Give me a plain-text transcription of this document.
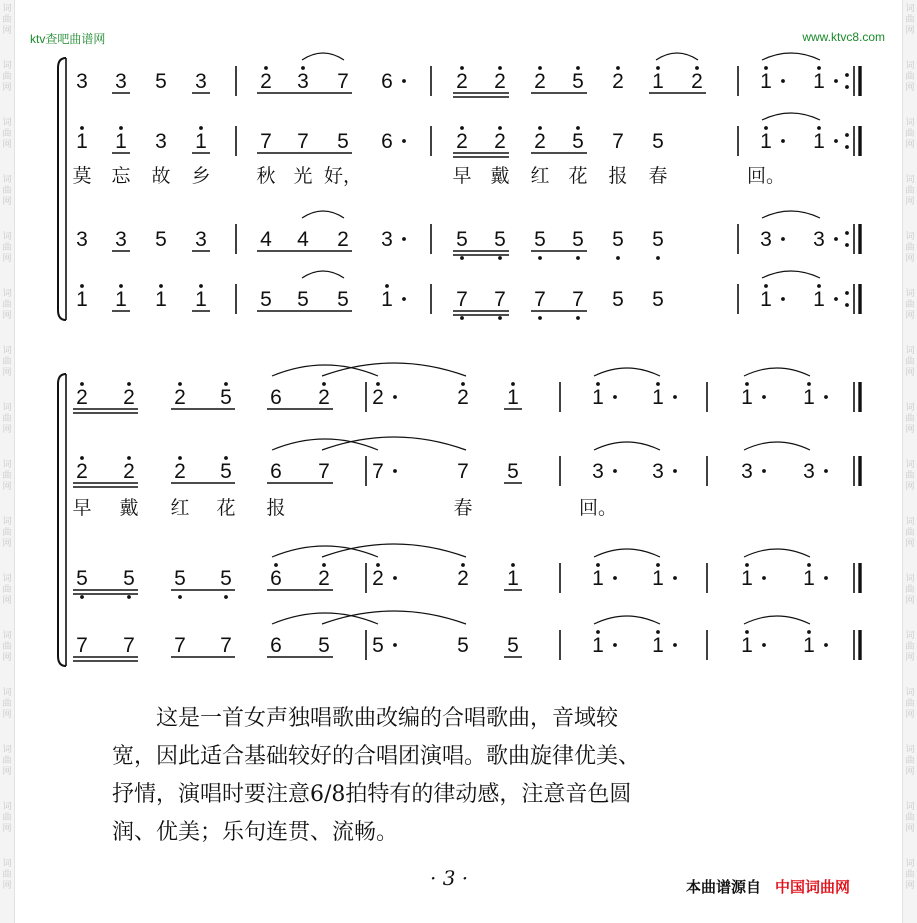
词
曲
网
词
曲
网
词
曲
网
词
曲
网
词
曲
网
词
曲
网
词
曲
网
词
曲
网
词
曲
网
词
曲
网
词
曲
网
词
曲
网
词
曲
网
词
曲
网
词
曲
网
词
曲
网
词
曲
网
词
曲
网
词
曲
网
词
曲
网
词
曲
网
词
曲
网
词
曲
网
词
曲
网
词
曲
网
词
曲
网
词
曲
网
词
曲
网
词
曲
网
词
曲
网
词
曲
网
词
曲
网
ktv查吧曲谱网	www.ktvc8.com
3 3 5 3	2 3 7 6	2 2 2 5 2 1 2	1 1
1 1 3 1	7 7 5 6	2 2 2 5 7 5	1 1
3 3 5 3	4 4 2 3	5 5 5 5 5 5	3 3
1 1 1 1	5 5 5 1	7 7 7 7 5 5	1 1
莫 忘 故 乡 秋 光 好，	早 戴 红 花 报 春	回。
2 2 2 5 6 2 2	2 1	1 1	1 1
2 2 2 5 6 7 7	7 5	3 3	3 3
5 5 5 5 6 2 2	2 1	1 1	1 1
7 7 7 7 6 5 5	5 5	1 1	1 1
早 戴 红 花 报	春	回。

这是一首女声独唱歌曲改编的合唱歌曲，音域较

宽，因此适合基础较好的合唱团演唱。歌曲旋律优美、

抒情，演唱时要注意6/8拍特有的律动感，注意音色圆

润、优美；乐句连贯、流畅。

· 3 ·	本曲谱源自 中国词曲网
